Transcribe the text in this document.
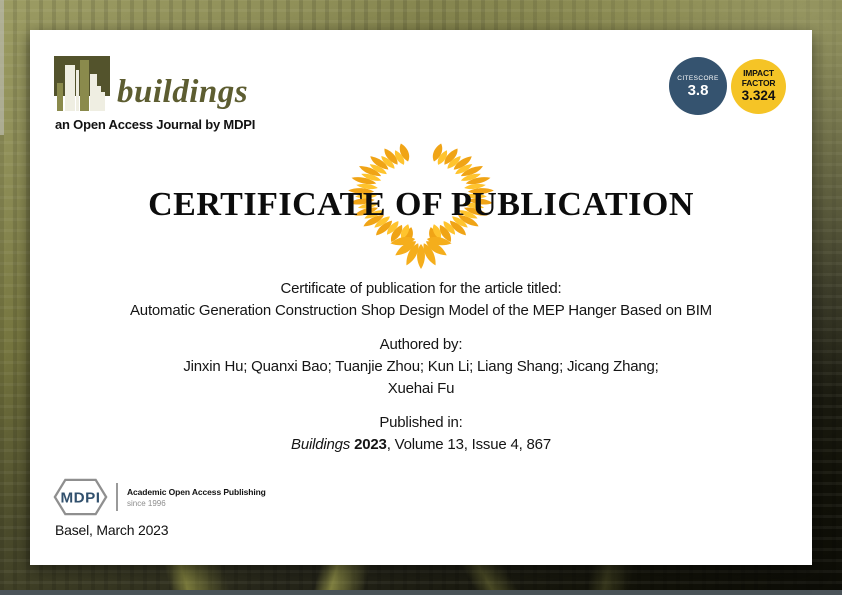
buildings
an Open Access Journal by MDPI
CITESCORE
3.8
IMPACT
FACTOR
3.324
CERTIFICATE OF PUBLICATION
Certificate of publication for the article titled:
Automatic Generation Construction Shop Design Model of the MEP Hanger Based on BIM
Authored by:
Jinxin Hu; Quanxi Bao; Tuanjie Zhou; Kun Li; Liang Shang; Jicang Zhang;
Xuehai Fu
Published in:
Buildings 2023, Volume 13, Issue 4, 867
MDPI	Academic Open Access Publishing
since 1996
Basel, March 2023
